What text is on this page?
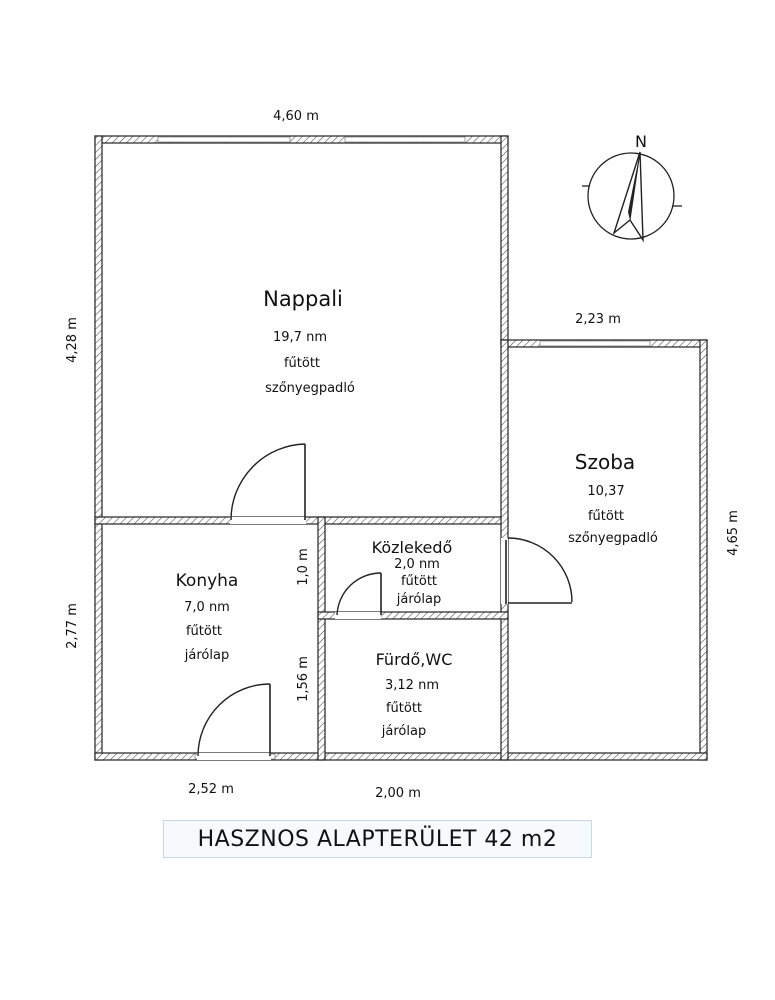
N
Nappali
19,7 nm
fűtött
szőnyegpadló
Szoba
10,37
fűtött
szőnyegpadló
Konyha
7,0 nm
fűtött
járólap
Közlekedő
2,0 nm
fűtött
járólap
Fürdő,WC
3,12 nm
fűtött
járólap
4,60 m
2,23 m
2,52 m	2,00 m
4,28 m
2,77 m
4,65 m
1,0 m
1,56 m
HASZNOS ALAPTERÜLET 42 m2
